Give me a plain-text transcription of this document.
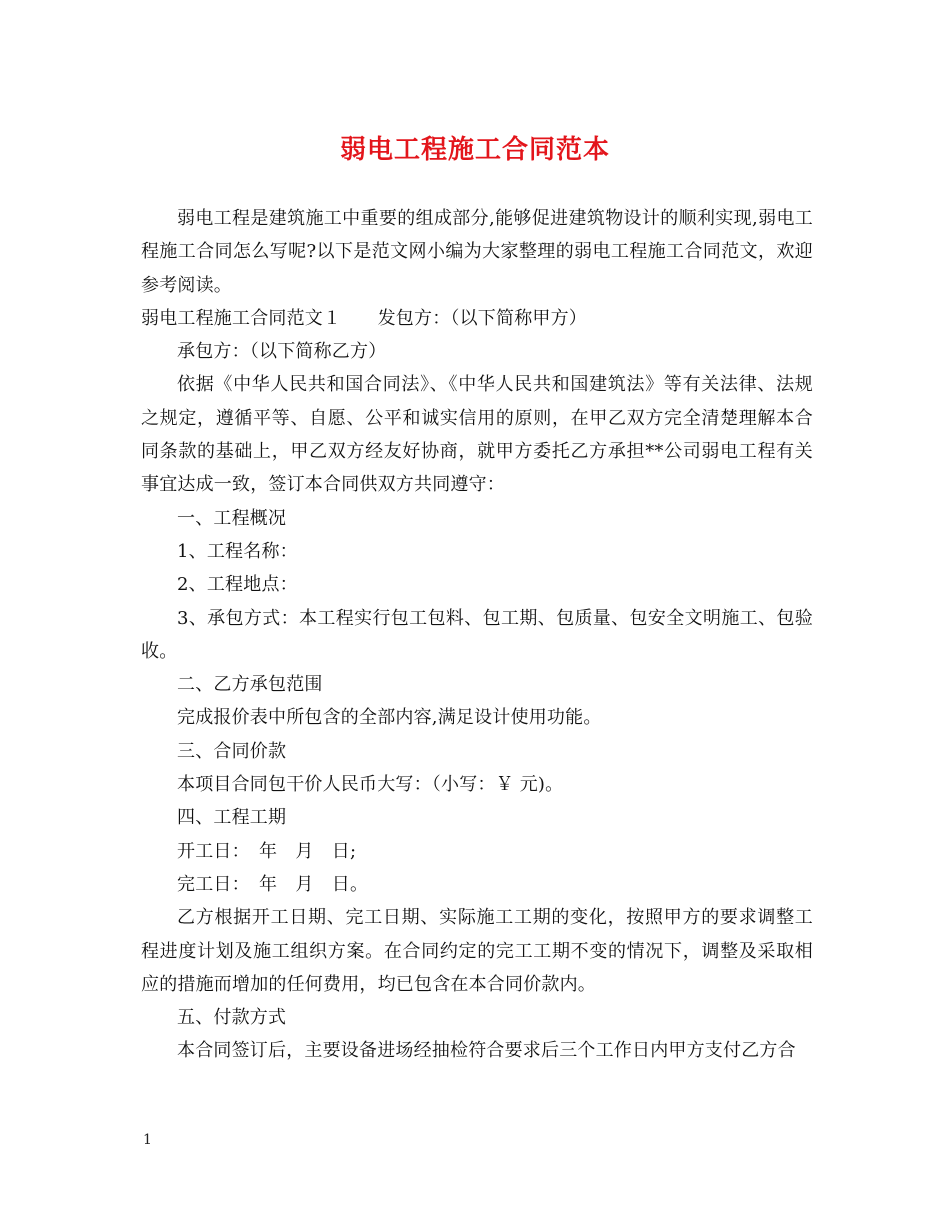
弱电工程施工合同范本

弱电工程是建筑施工中重要的组成部分,能够促进建筑物设计的顺利实现,弱电工程施工合同怎么写呢?以下是范文网小编为大家整理的弱电工程施工合同范文，欢迎参考阅读。

弱电工程施工合同范文１　　发包方：（以下简称甲方）

承包方：（以下简称乙方）

依据《中华人民共和国合同法》、《中华人民共和国建筑法》等有关法律、法规之规定，遵循平等、自愿、公平和诚实信用的原则，在甲乙双方完全清楚理解本合同条款的基础上，甲乙双方经友好协商，就甲方委托乙方承担**公司弱电工程有关事宜达成一致，签订本合同供双方共同遵守：

一、工程概况

1、工程名称：

2、工程地点：

3、承包方式：本工程实行包工包料、包工期、包质量、包安全文明施工、包验收。

二、乙方承包范围

完成报价表中所包含的全部内容,满足设计使用功能。

三、合同价款

本项目合同包干价人民币大写：（小写：￥ 元)。

四、工程工期

开工日：　年　月　日;

完工日：　年　月　日。

乙方根据开工日期、完工日期、实际施工工期的变化，按照甲方的要求调整工程进度计划及施工组织方案。在合同约定的完工工期不变的情况下，调整及采取相应的措施而增加的任何费用，均已包含在本合同价款内。

五、付款方式

本合同签订后，主要设备进场经抽检符合要求后三个工作日内甲方支付乙方合

1
